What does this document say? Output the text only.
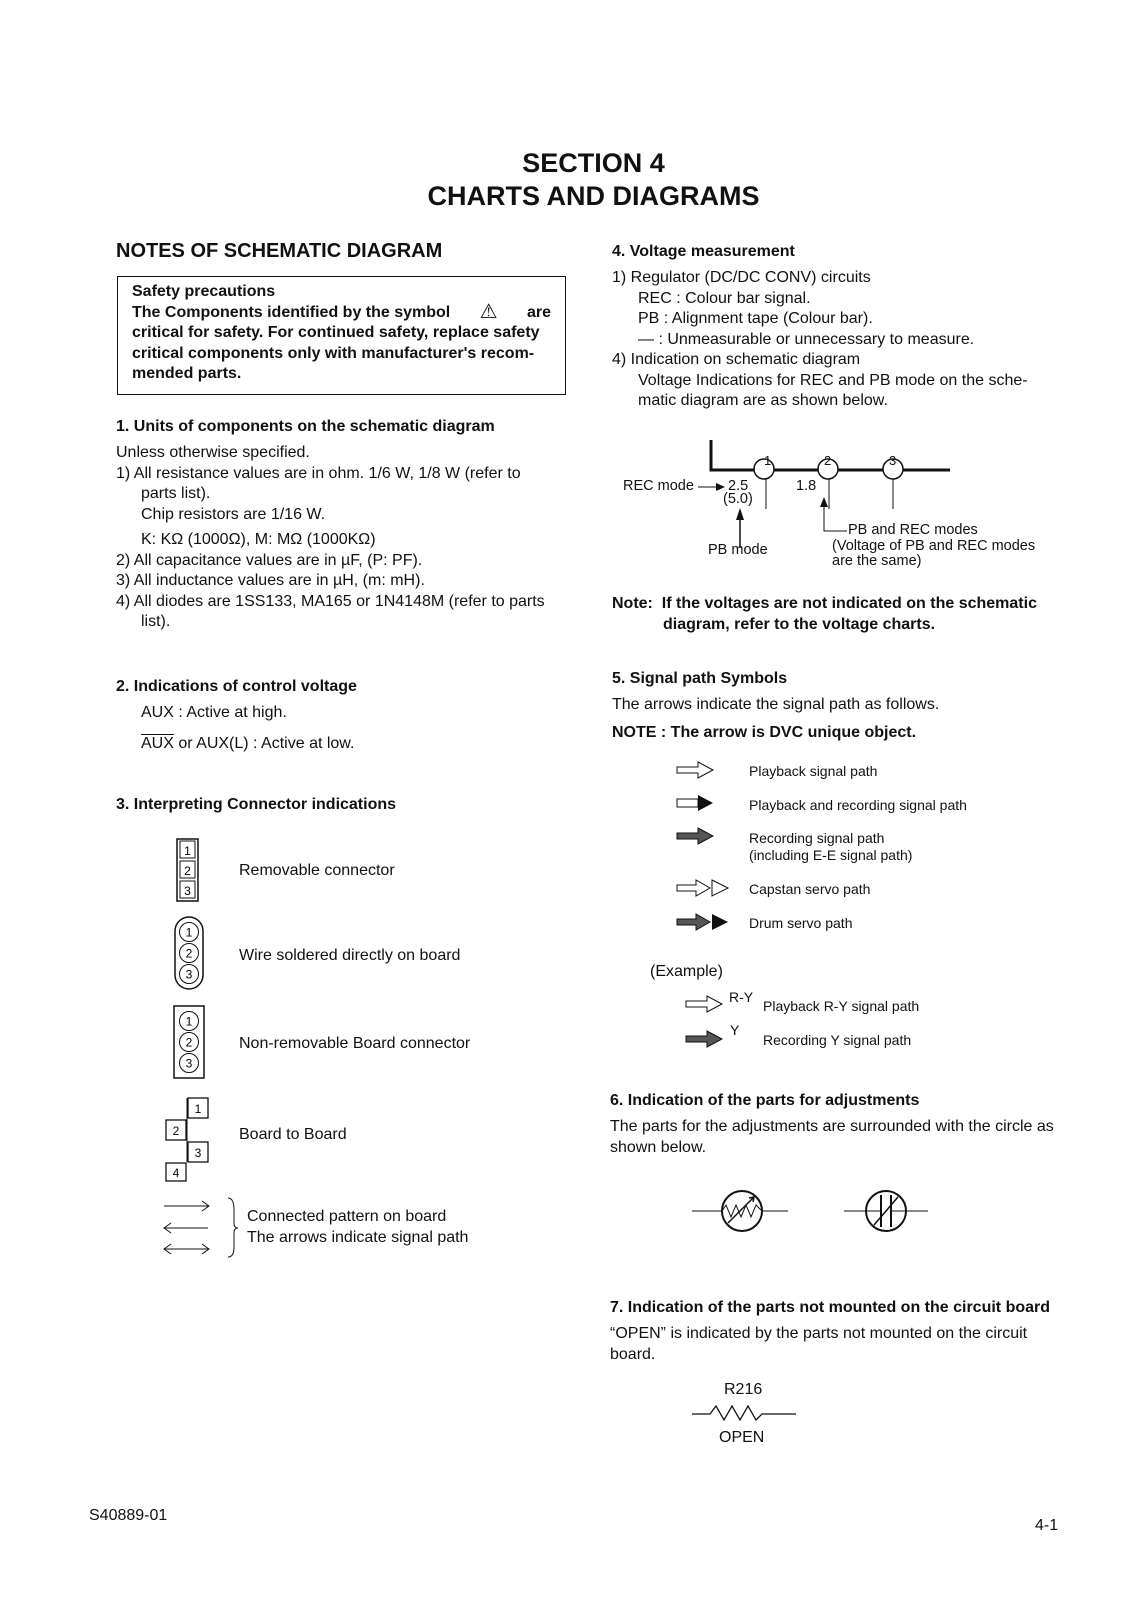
SECTION 4
CHARTS AND DIAGRAMS
NOTES OF SCHEMATIC DIAGRAM
Safety precautions
The Components identified by the symbol ⚠ are
critical for safety. For continued safety, replace safety
critical components only with manufacturer's recom-
mended parts.
1. Units of components on the schematic diagram
Unless otherwise specified.
1) All resistance values are in ohm. 1/6 W, 1/8 W (refer to
parts list).
Chip resistors are 1/16 W.
K: KΩ (1000Ω), M: MΩ (1000KΩ)
2) All capacitance values are in µF, (P: PF).
3) All inductance values are in µH, (m: mH).
4) All diodes are 1SS133, MA165 or 1N4148M (refer to parts
list).
2. Indications of control voltage
AUX : Active at high.
$\overline{AUX}$ or AUX(L) : Active at low.
3. Interpreting Connector indications
1
2
3
Removable connector
1
2
3
Wire soldered directly on board
1
2
3
Non-removable Board connector
1
2
3
4
Board to Board
Connected pattern on board
The arrows indicate signal path
4. Voltage measurement
1) Regulator (DC/DC CONV) circuits
REC : Colour bar signal.
PB : Alignment tape (Colour bar).
— : Unmeasurable or unnecessary to measure.
4) Indication on schematic diagram
Voltage Indications for REC and PB mode on the sche-
matic diagram are as shown below.
REC mode
1	2	3
2.5
(5.0)
1.8
PB mode
PB and REC modes
(Voltage of PB and REC modes
are the same)
Note: If the voltages are not indicated on the schematic
diagram, refer to the voltage charts.
5. Signal path Symbols
The arrows indicate the signal path as follows.
NOTE : The arrow is DVC unique object.
Playback signal path
Playback and recording signal path
Recording signal path
(including E-E signal path)
Capstan servo path
Drum servo path
(Example)
R-Y
Playback R-Y signal path
Y
Recording Y signal path
6. Indication of the parts for adjustments
The parts for the adjustments are surrounded with the circle as
shown below.
7. Indication of the parts not mounted on the circuit board
“OPEN” is indicated by the parts not mounted on the circuit
board.
R216
OPEN
S40889-01
4-1
